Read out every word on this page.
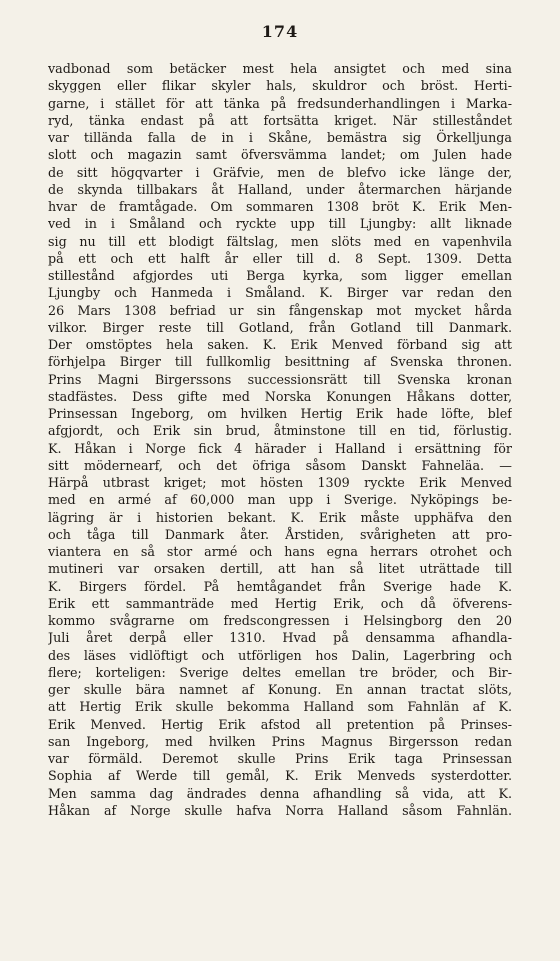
174
vadbonad som betäcker mest hela ansigtet och med sina
skyggen eller flikar skyler hals, skuldror och bröst. Herti-
garne, i stället för att tänka på fredsunderhandlingen i Marka-
ryd, tänka endast på att fortsätta kriget. När stilleståndet
var tillända falla de in i Skåne, bemästra sig Örkelljunga
slott och magazin samt öfversvämma landet; om Julen hade
de sitt högqvarter i Gräfvie, men de blefvo icke länge der,
de skynda tillbakars åt Halland, under återmarchen härjande
hvar de framtågade. Om sommaren 1308 bröt K. Erik Men-
ved in i Småland och ryckte upp till Ljungby: allt liknade
sig nu till ett blodigt fältslag, men slöts med en vapenhvila
på ett och ett halft år eller till d. 8 Sept. 1309. Detta
stillestånd afgjordes uti Berga kyrka, som ligger emellan
Ljungby och Hanmeda i Småland. K. Birger var redan den
26 Mars 1308 befriad ur sin fångenskap mot mycket hårda
vilkor. Birger reste till Gotland, från Gotland till Danmark.
Der omstöptes hela saken. K. Erik Menved förband sig att
förhjelpa Birger till fullkomlig besittning af Svenska thronen.
Prins Magni Birgerssons successionsrätt till Svenska kronan
stadfästes. Dess gifte med Norska Konungen Håkans dotter,
Prinsessan Ingeborg, om hvilken Hertig Erik hade löfte, blef
afgjordt, och Erik sin brud, åtminstone till en tid, förlustig.
K. Håkan i Norge fick 4 härader i Halland i ersättning för
sitt mödernearf, och det öfriga såsom Danskt Fahneläa. —
Härpå utbrast kriget; mot hösten 1309 ryckte Erik Menved
med en armé af 60,000 man upp i Sverige. Nyköpings be-
lägring är i historien bekant. K. Erik måste upphäfva den
och tåga till Danmark åter. Årstiden, svårigheten att pro-
viantera en så stor armé och hans egna herrars otrohet och
mutineri var orsaken dertill, att han så litet uträttade till
K. Birgers fördel. På hemtågandet från Sverige hade K.
Erik ett sammanträde med Hertig Erik, och då öfverens-
kommo svågrarne om fredscongressen i Helsingborg den 20
Juli året derpå eller 1310. Hvad på densamma afhandla-
des läses vidlöftigt och utförligen hos Dalin, Lagerbring och
flere; korteligen: Sverige deltes emellan tre bröder, och Bir-
ger skulle bära namnet af Konung. En annan tractat slöts,
att Hertig Erik skulle bekomma Halland som Fahnlän af K.
Erik Menved. Hertig Erik afstod all pretention på Prinses-
san Ingeborg, med hvilken Prins Magnus Birgersson redan
var förmäld. Deremot skulle Prins Erik taga Prinsessan
Sophia af Werde till gemål, K. Erik Menveds systerdotter.
Men samma dag ändrades denna afhandling så vida, att K.
Håkan af Norge skulle hafva Norra Halland såsom Fahnlän.
